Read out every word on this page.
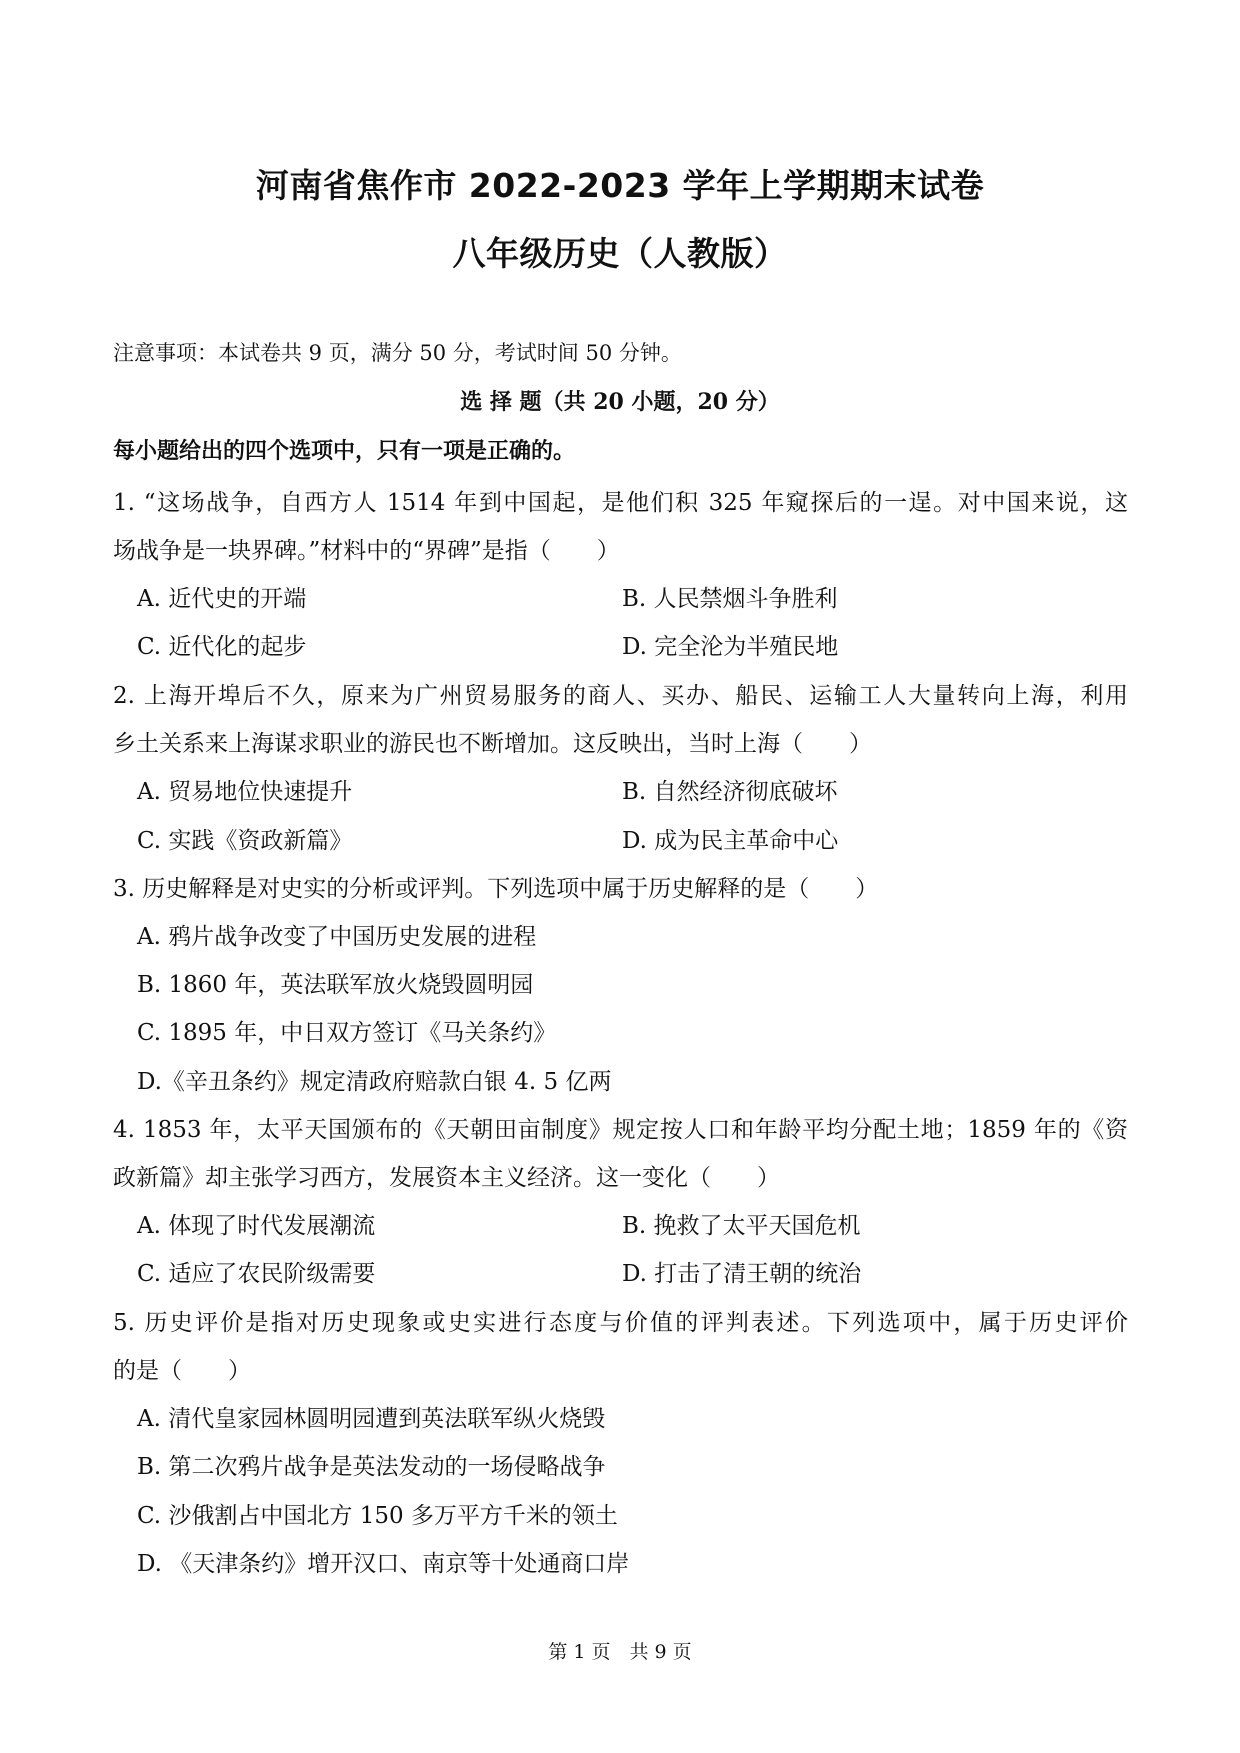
河南省焦作市 2022-2023 学年上学期期末试卷
八年级历史（人教版）
注意事项：本试卷共 9 页，满分 50 分，考试时间 50 分钟。
选 择 题（共 20 小题，20 分）
每小题给出的四个选项中，只有一项是正确的。
1. “这场战争，自西方人 1514 年到中国起，是他们积 325 年窥探后的一逞。对中国来说，这
场战争是一块界碑。”材料中的“界碑”是指（　　）
A. 近代史的开端	B. 人民禁烟斗争胜利
C. 近代化的起步	D. 完全沦为半殖民地
2. 上海开埠后不久，原来为广州贸易服务的商人、买办、船民、运输工人大量转向上海，利用
乡土关系来上海谋求职业的游民也不断增加。这反映出，当时上海（　　）
A. 贸易地位快速提升	B. 自然经济彻底破坏
C. 实践《资政新篇》	D. 成为民主革命中心
3. 历史解释是对史实的分析或评判。下列选项中属于历史解释的是（　　）
A. 鸦片战争改变了中国历史发展的进程
B. 1860 年，英法联军放火烧毁圆明园
C. 1895 年，中日双方签订《马关条约》
D.《辛丑条约》规定清政府赔款白银 4. 5 亿两
4. 1853 年，太平天国颁布的《天朝田亩制度》规定按人口和年龄平均分配土地；1859 年的《资
政新篇》却主张学习西方，发展资本主义经济。这一变化（　　）
A. 体现了时代发展潮流	B. 挽救了太平天国危机
C. 适应了农民阶级需要	D. 打击了清王朝的统治
5. 历史评价是指对历史现象或史实进行态度与价值的评判表述。下列选项中，属于历史评价
的是（　　）
A. 清代皇家园林圆明园遭到英法联军纵火烧毁
B. 第二次鸦片战争是英法发动的一场侵略战争
C. 沙俄割占中国北方 150 多万平方千米的领土
D. 《天津条约》增开汉口、南京等十处通商口岸
第 1 页　共 9 页
